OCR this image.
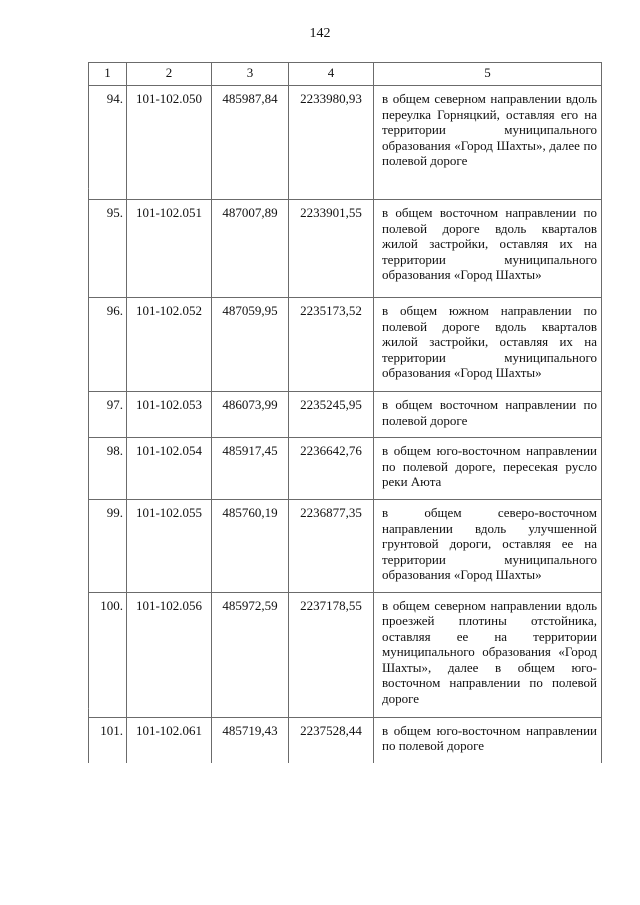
142
1	2	3	4	5
94.	101-102.050	485987,84	2233980,93	в общем северном направлении вдоль переулка Горняцкий, оставляя его на территории муниципального образования «Город Шахты», далее по полевой дороге
95.	101-102.051	487007,89	2233901,55	в общем восточном направлении по полевой дороге вдоль кварталов жилой застройки, оставляя их на территории муниципального образования «Город Шахты»
96.	101-102.052	487059,95	2235173,52	в общем южном направлении по полевой дороге вдоль кварталов жилой застройки, оставляя их на территории муниципального образования «Город Шахты»
97.	101-102.053	486073,99	2235245,95	в общем восточном направлении по полевой дороге
98.	101-102.054	485917,45	2236642,76	в общем юго-восточном направлении по полевой дороге, пересекая русло реки Аюта
99.	101-102.055	485760,19	2236877,35	в общем северо-восточном направлении вдоль улучшенной грунтовой дороги, оставляя ее на территории муниципального образования «Город Шахты»
100.	101-102.056	485972,59	2237178,55	в общем северном направлении вдоль проезжей плотины отстойника, оставляя ее на территории муниципального образования «Город Шахты», далее в общем юго-восточном направлении по полевой дороге
101.	101-102.061	485719,43	2237528,44	в общем юго-восточном направлении по полевой дороге
